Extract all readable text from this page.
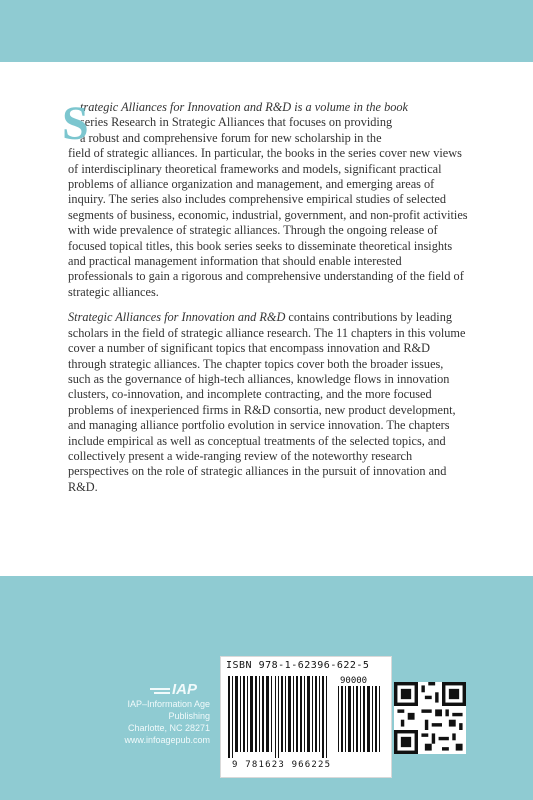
S
trategic Alliances for Innovation and R&D is a volume in the book
series Research in Strategic Alliances that focuses on providing
a robust and comprehensive forum for new scholarship in the
field of strategic alliances. In particular, the books in the series cover new views of interdisciplinary theoretical frameworks and models, significant practical problems of alliance organization and management, and emerging areas of inquiry. The series also includes comprehensive empirical studies of selected segments of business, economic, industrial, government, and non-profit activities with wide prevalence of strategic alliances. Through the ongoing release of focused topical titles, this book series seeks to disseminate theoretical insights and practical management information that should enable interested professionals to gain a rigorous and comprehensive understanding of the field of strategic alliances.

Strategic Alliances for Innovation and R&D contains contributions by leading scholars in the field of strategic alliance research. The 11 chapters in this volume cover a number of significant topics that encompass innovation and R&D through strategic alliances. The chapter topics cover both the broader issues, such as the governance of high-tech alliances, knowledge flows in innovation clusters, co-innovation, and incomplete contracting, and the more focused problems of inexperienced firms in R&D consortia, new product development, and managing alliance portfolio evolution in service innovation. The chapters include empirical as well as conceptual treatments of the selected topics, and collectively present a wide-ranging review of the noteworthy research perspectives on the role of strategic alliances in the pursuit of innovation and R&D.

IAP
IAP–Information Age Publishing
Charlotte, NC 28271
www.infoagepub.com
ISBN 978-1-62396-622-5
90000
9 781623 966225
